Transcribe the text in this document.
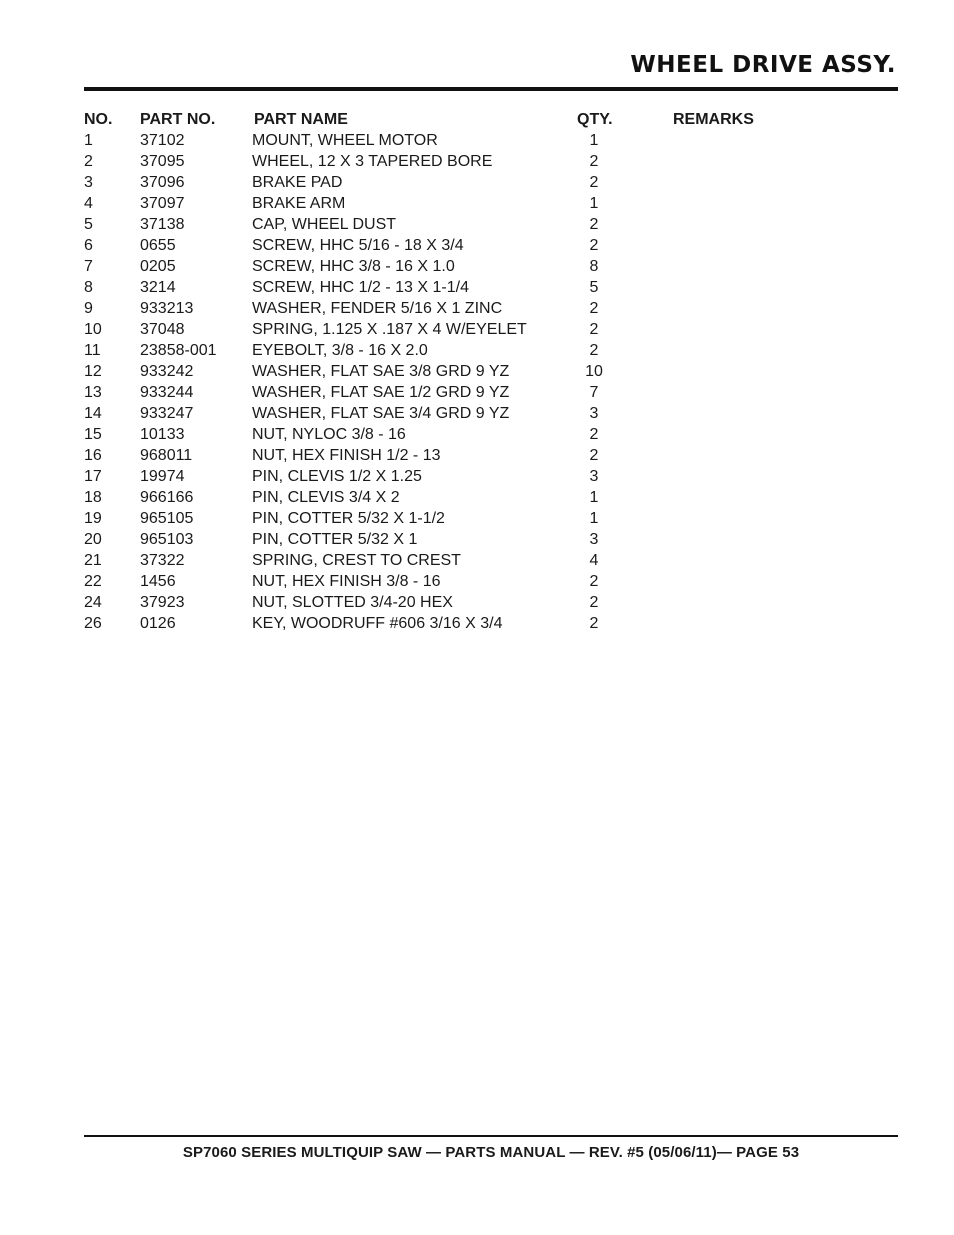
WHEEL DRIVE ASSY.
NO. PART NO. PART NAME	QTY.	REMARKS
1	37102	MOUNT, WHEEL MOTOR	1
2	37095	WHEEL, 12 X 3 TAPERED BORE	2
3	37096	BRAKE PAD	2
4	37097	BRAKE ARM	1
5	37138	CAP, WHEEL DUST	2
6	0655	SCREW, HHC 5/16 - 18 X 3/4	2
7	0205	SCREW, HHC 3/8 - 16 X 1.0	8
8	3214	SCREW, HHC 1/2 - 13 X 1-1/4	5
9	933213	WASHER, FENDER 5/16 X 1 ZINC	2
10 37048	SPRING, 1.125 X .187 X 4 W/EYELET	2
11 23858-001 EYEBOLT, 3/8 - 16 X 2.0	2
12 933242	WASHER, FLAT SAE 3/8 GRD 9 YZ	10
13 933244	WASHER, FLAT SAE 1/2 GRD 9 YZ	7
14 933247	WASHER, FLAT SAE 3/4 GRD 9 YZ	3
15 10133	NUT, NYLOC 3/8 - 16	2
16 968011	NUT, HEX FINISH 1/2 - 13	2
17 19974	PIN, CLEVIS 1/2 X 1.25	3
18 966166	PIN, CLEVIS 3/4 X 2	1
19 965105	PIN, COTTER 5/32 X 1-1/2	1
20 965103	PIN, COTTER 5/32 X 1	3
21 37322	SPRING, CREST TO CREST	4
22 1456	NUT, HEX FINISH 3/8 - 16	2
24 37923	NUT, SLOTTED 3/4-20 HEX	2
26 0126	KEY, WOODRUFF #606 3/16 X 3/4	2
SP7060 SERIES MULTIQUIP SAW — PARTS MANUAL — REV. #5 (05/06/11)— PAGE 53
